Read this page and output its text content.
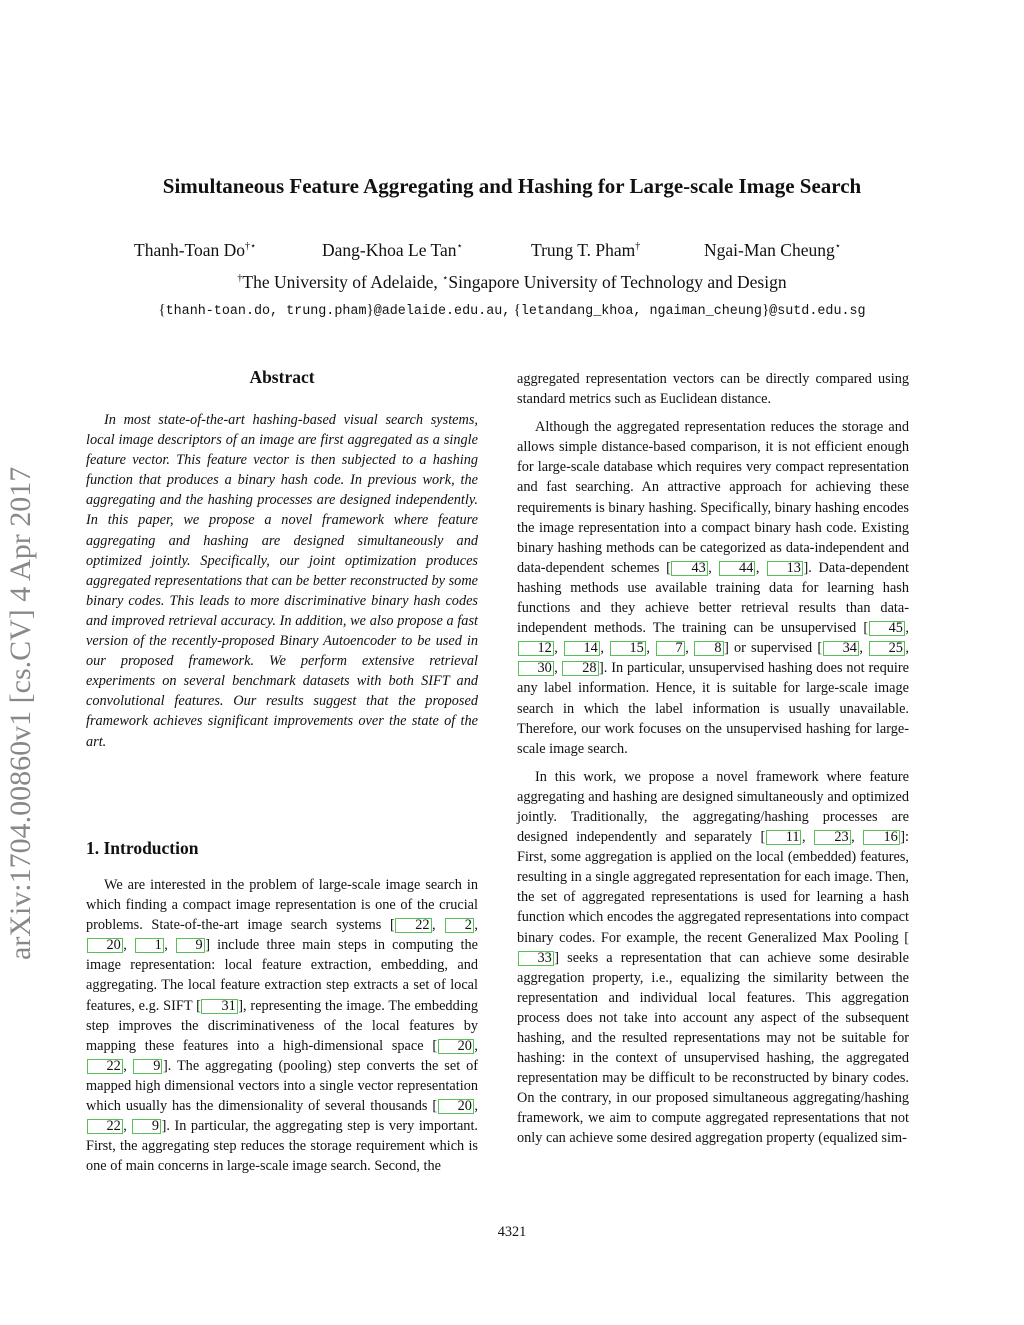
arXiv:1704.00860v1 [cs.CV] 4 Apr 2017
Simultaneous Feature Aggregating and Hashing for Large-scale Image Search
Thanh-Toan Do†⋆	Dang-Khoa Le Tan⋆	Trung T. Pham†	Ngai-Man Cheung⋆
†The University of Adelaide, ⋆Singapore University of Technology and Design
{thanh-toan.do, trung.pham}@adelaide.edu.au, {letandang_khoa, ngaiman_cheung}@sutd.edu.sg
Abstract

In most state-of-the-art hashing-based visual search systems, local image descriptors of an image are first aggregated as a single feature vector. This feature vector is then subjected to a hashing function that produces a binary hash code. In previous work, the aggregating and the hashing processes are designed independently. In this paper, we propose a novel framework where feature aggregating and hashing are designed simultaneously and optimized jointly. Specifically, our joint optimization produces aggregated representations that can be better reconstructed by some binary codes. This leads to more discriminative binary hash codes and improved retrieval accuracy. In addition, we also propose a fast version of the recently-proposed Binary Autoencoder to be used in our proposed framework. We perform extensive retrieval experiments on several benchmark datasets with both SIFT and convolutional features. Our results suggest that the proposed framework achieves significant improvements over the state of the art.

1. Introduction

We are interested in the problem of large-scale image search in which finding a compact image representation is one of the crucial problems. State-of-the-art image search systems [ 22 , 2 , 20 , 1 , 9 ] include three main steps in computing the image representation: local feature extraction, embedding, and aggregating. The local feature extraction step extracts a set of local features, e.g. SIFT [ 31 ], representing the image. The embedding step improves the discriminativeness of the local features by mapping these features into a high-dimensional space [ 20 , 22 , 9 ]. The aggregating (pooling) step converts the set of mapped high dimensional vectors into a single vector representation which usually has the dimensionality of several thousands [ 20 , 22 , 9 ]. In particular, the aggregating step is very important. First, the aggregating step reduces the storage requirement which is one of main concerns in large-scale image search. Second, the

aggregated representation vectors can be directly compared using standard metrics such as Euclidean distance.

Although the aggregated representation reduces the storage and allows simple distance-based comparison, it is not efficient enough for large-scale database which requires very compact representation and fast searching. An attractive approach for achieving these requirements is binary hashing. Specifically, binary hashing encodes the image representation into a compact binary hash code. Existing binary hashing methods can be categorized as data-independent and data-dependent schemes [ 43 , 44 , 13 ]. Data-dependent hashing methods use available training data for learning hash functions and they achieve better retrieval results than data-independent methods. The training can be unsupervised [ 45 , 12 , 14 , 15 , 7 , 8 ] or supervised [ 34 , 25 , 30 , 28 ]. In particular, unsupervised hashing does not require any label information. Hence, it is suitable for large-scale image search in which the label information is usually unavailable. Therefore, our work focuses on the unsupervised hashing for large-scale image search.

In this work, we propose a novel framework where feature aggregating and hashing are designed simultaneously and optimized jointly. Traditionally, the aggregating/hashing processes are designed independently and separately [ 11 , 23 , 16 ]: First, some aggregation is applied on the local (embedded) features, resulting in a single aggregated representation for each image. Then, the set of aggregated representations is used for learning a hash function which encodes the aggregated representations into compact binary codes. For example, the recent Generalized Max Pooling [33 ] seeks a representation that can achieve some desirable aggregation property, i.e., equalizing the similarity between the representation and individual local features. This aggregation process does not take into account any aspect of the subsequent hashing, and the resulted representations may not be suitable for hashing: in the context of unsupervised hashing, the aggregated representation may be difficult to be reconstructed by binary codes. On the contrary, in our proposed simultaneous aggregating/hashing framework, we aim to compute aggregated representations that not only can achieve some desired aggregation property (equalized sim-

4321
